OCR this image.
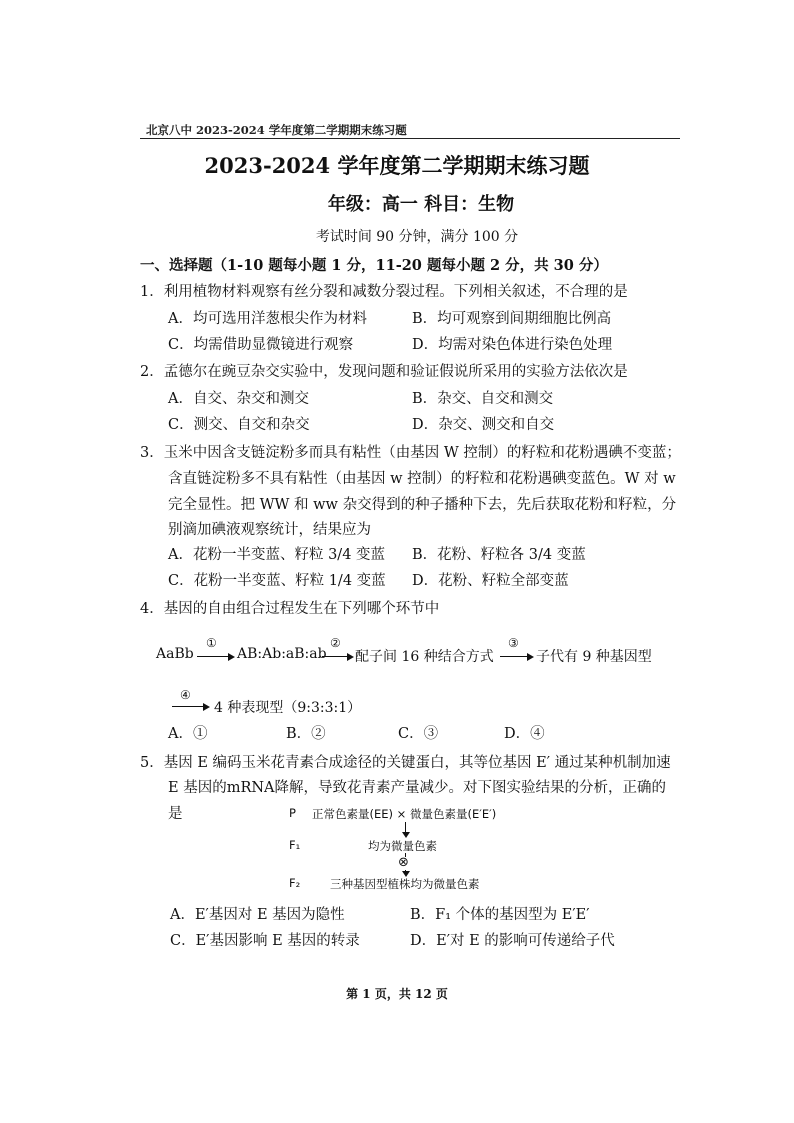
北京八中 2023-2024 学年度第二学期期末练习题
2023-2024 学年度第二学期期末练习题
年级：高一 科目：生物
考试时间 90 分钟，满分 100 分
一、选择题（1-10 题每小题 1 分，11-20 题每小题 2 分，共 30 分）
1．利用植物材料观察有丝分裂和减数分裂过程。下列相关叙述，不合理的是
A．均可选用洋葱根尖作为材料	B．均可观察到间期细胞比例高
C．均需借助显微镜进行观察	D．均需对染色体进行染色处理
2．孟德尔在豌豆杂交实验中，发现问题和验证假说所采用的实验方法依次是
A．自交、杂交和测交	B．杂交、自交和测交
C．测交、自交和杂交	D．杂交、测交和自交
3．玉米中因含支链淀粉多而具有粘性（由基因 W 控制）的籽粒和花粉遇碘不变蓝；
含直链淀粉多不具有粘性（由基因 w 控制）的籽粒和花粉遇碘变蓝色。W 对 w
完全显性。把 WW 和 ww 杂交得到的种子播种下去，先后获取花粉和籽粒，分
别滴加碘液观察统计，结果应为
A．花粉一半变蓝、籽粒 3/4 变蓝 B．花粉、籽粒各 3/4 变蓝
C．花粉一半变蓝、籽粒 1/4 变蓝 D．花粉、籽粒全部变蓝
4．基因的自由组合过程发生在下列哪个环节中
AaBb
①
AB:Ab:aB:ab
②
配子间 16 种结合方式
③
子代有 9 种基因型
④
4 种表现型（9:3:3:1）
A．①	B．②	C．③	D．④
5．基因 E 编码玉米花青素合成途径的关键蛋白，其等位基因 E′ 通过某种机制加速
E 基因的mRNA降解，导致花青素产量减少。对下图实验结果的分析，正确的
是	P 正常色素量(EE) × 微量色素量(E′E′)
F₁	均为微量色素
⊗
F₂	三种基因型植株均为微量色素
A．E′基因对 E 基因为隐性	B．F₁ 个体的基因型为 E′E′
C．E′基因影响 E 基因的转录	D．E′对 E 的影响可传递给子代
第 1 页，共 12 页
